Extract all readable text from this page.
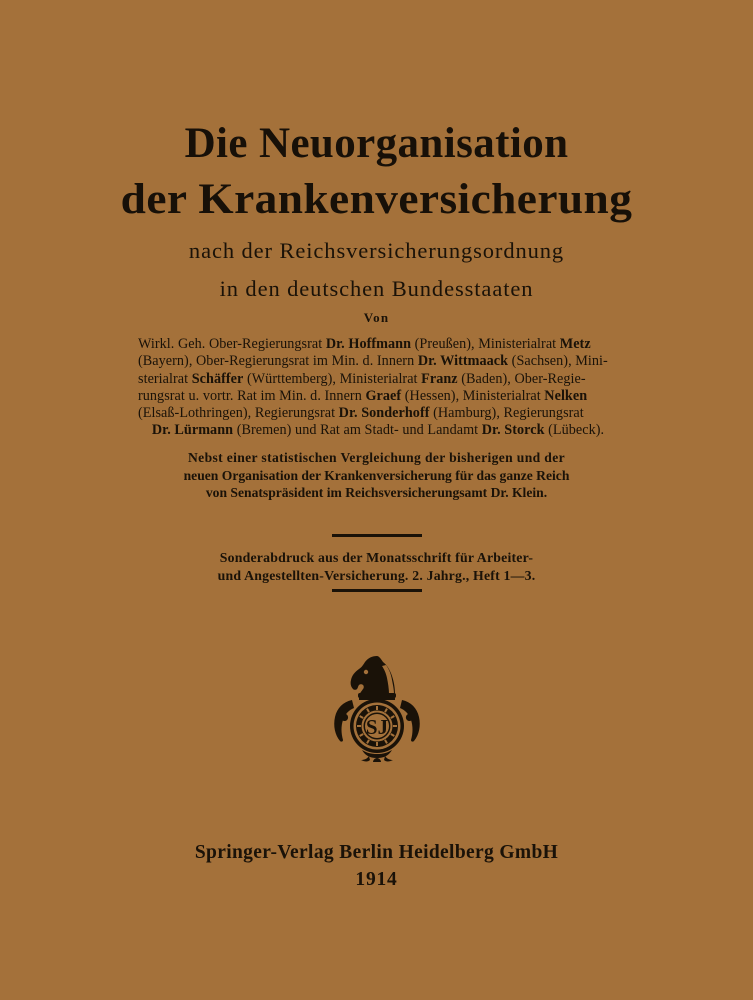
Die Neuorganisation
der Krankenversicherung
nach der Reichsversicherungsordnung
in den deutschen Bundesstaaten
Von
Wirkl. Geh. Ober-Regierungsrat Dr. Hoffmann (Preußen), Ministerialrat Metz
(Bayern), Ober-Regierungsrat im Min. d. Innern Dr. Wittmaack (Sachsen), Mini-
sterialrat Schäffer (Württemberg), Ministerialrat Franz (Baden), Ober-Regie-
rungsrat u. vortr. Rat im Min. d. Innern Graef (Hessen), Ministerialrat Nelken
(Elsaß-Lothringen), Regierungsrat Dr. Sonderhoff (Hamburg), Regierungsrat
Dr. Lürmann (Bremen) und Rat am Stadt- und Landamt Dr. Storck (Lübeck).
Nebst einer statistischen Vergleichung der bisherigen und der
neuen Organisation der Krankenversicherung für das ganze Reich
von Senatspräsident im Reichsversicherungsamt Dr. Klein.
Sonderabdruck aus der Monatsschrift für Arbeiter-
und Angestellten-Versicherung. 2. Jahrg., Heft 1—3.
SJ
Springer-Verlag Berlin Heidelberg GmbH
1914
